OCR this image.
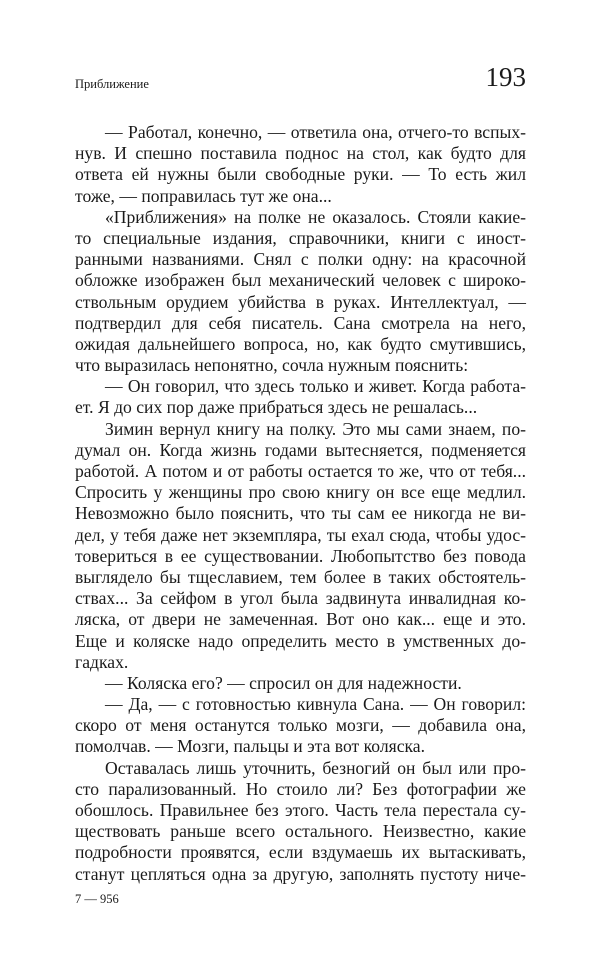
Приближение	193
— Работал, конечно, — ответила она, отчего-то вспых-
нув. И спешно поставила поднос на стол, как будто для
ответа ей нужны были свободные руки. — То есть жил
тоже, — поправилась тут же она...
«Приближения» на полке не оказалось. Стояли какие-
то специальные издания, справочники, книги с иност-
ранными названиями. Снял с полки одну: на красочной
обложке изображен был механический человек с широко-
ствольным орудием убийства в руках. Интеллектуал, —
подтвердил для себя писатель. Сана смотрела на него,
ожидая дальнейшего вопроса, но, как будто смутившись,
что выразилась непонятно, сочла нужным пояснить:
— Он говорил, что здесь только и живет. Когда работа-
ет. Я до сих пор даже прибраться здесь не решалась...
Зимин вернул книгу на полку. Это мы сами знаем, по-
думал он. Когда жизнь годами вытесняется, подменяется
работой. А потом и от работы остается то же, что от тебя...
Спросить у женщины про свою книгу он все еще медлил.
Невозможно было пояснить, что ты сам ее никогда не ви-
дел, у тебя даже нет экземпляра, ты ехал сюда, чтобы удос-
товериться в ее существовании. Любопытство без повода
выглядело бы тщеславием, тем более в таких обстоятель-
ствах... За сейфом в угол была задвинута инвалидная ко-
ляска, от двери не замеченная. Вот оно как... еще и это.
Еще и коляске надо определить место в умственных до-
гадках.
— Коляска его? — спросил он для надежности.
— Да, — с готовностью кивнула Сана. — Он говорил:
скоро от меня останутся только мозги, — добавила она,
помолчав. — Мозги, пальцы и эта вот коляска.
Оставалась лишь уточнить, безногий он был или про-
сто парализованный. Но стоило ли? Без фотографии же
обошлось. Правильнее без этого. Часть тела перестала су-
ществовать раньше всего остального. Неизвестно, какие
подробности проявятся, если вздумаешь их вытаскивать,
станут цепляться одна за другую, заполнять пустоту ниче-
7 — 956
